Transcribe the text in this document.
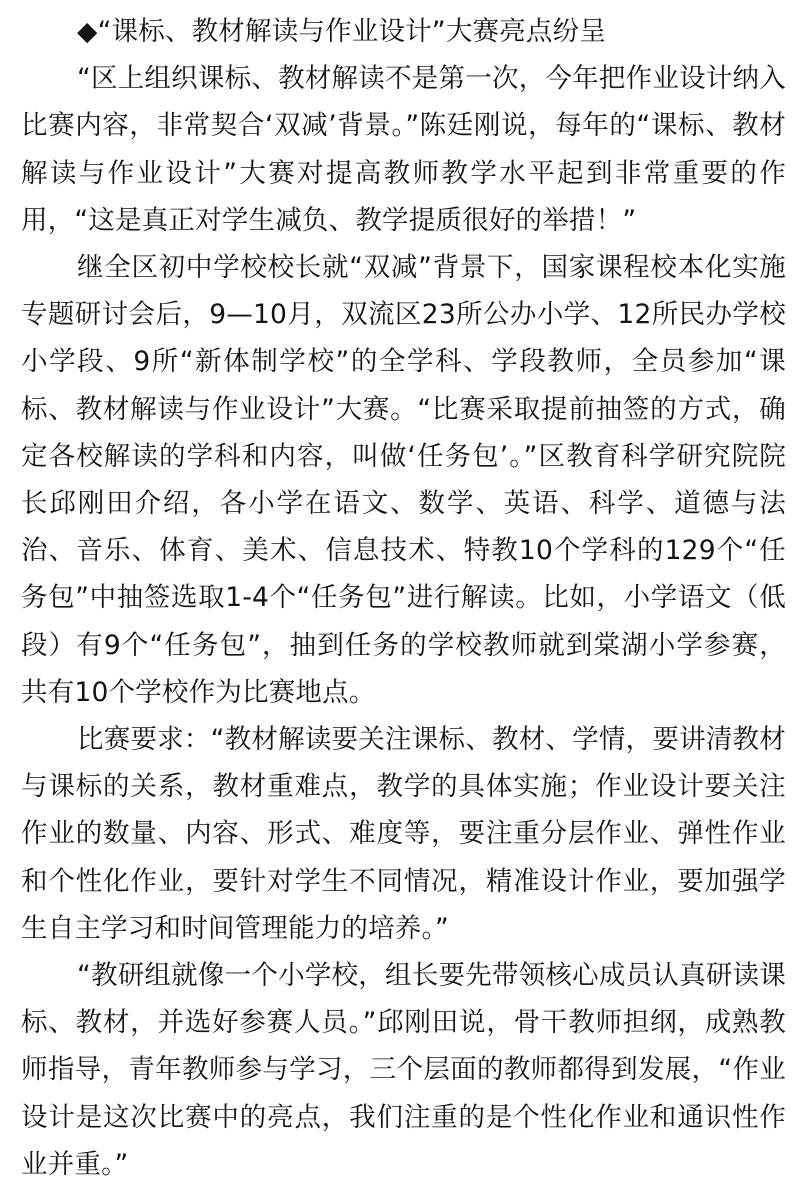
◆“课标、教材解读与作业设计”大赛亮点纷呈

“区上组织课标、教材解读不是第一次，今年把作业设计纳入比赛内容，非常契合‘双减’背景。”陈廷刚说，每年的“课标、教材解读与作业设计”大赛对提高教师教学水平起到非常重要的作用，“这是真正对学生减负、教学提质很好的举措！”

继全区初中学校校长就“双减”背景下，国家课程校本化实施专题研讨会后，9—10月，双流区23所公办小学、12所民办学校小学段、9所“新体制学校”的全学科、学段教师，全员参加“课标、教材解读与作业设计”大赛。“比赛采取提前抽签的方式，确定各校解读的学科和内容，叫做‘任务包’。”区教育科学研究院院长邱刚田介绍，各小学在语文、数学、英语、科学、道德与法治、音乐、体育、美术、信息技术、特教10个学科的129个“任务包”中抽签选取1-4个“任务包”进行解读。比如，小学语文（低段）有9个“任务包”，抽到任务的学校教师就到棠湖小学参赛，共有10个学校作为比赛地点。

比赛要求：“教材解读要关注课标、教材、学情，要讲清教材与课标的关系，教材重难点，教学的具体实施；作业设计要关注作业的数量、内容、形式、难度等，要注重分层作业、弹性作业和个性化作业，要针对学生不同情况，精准设计作业，要加强学生自主学习和时间管理能力的培养。”

“教研组就像一个小学校，组长要先带领核心成员认真研读课标、教材，并选好参赛人员。”邱刚田说，骨干教师担纲，成熟教师指导，青年教师参与学习，三个层面的教师都得到发展，“作业设计是这次比赛中的亮点，我们注重的是个性化作业和通识性作业并重。”
